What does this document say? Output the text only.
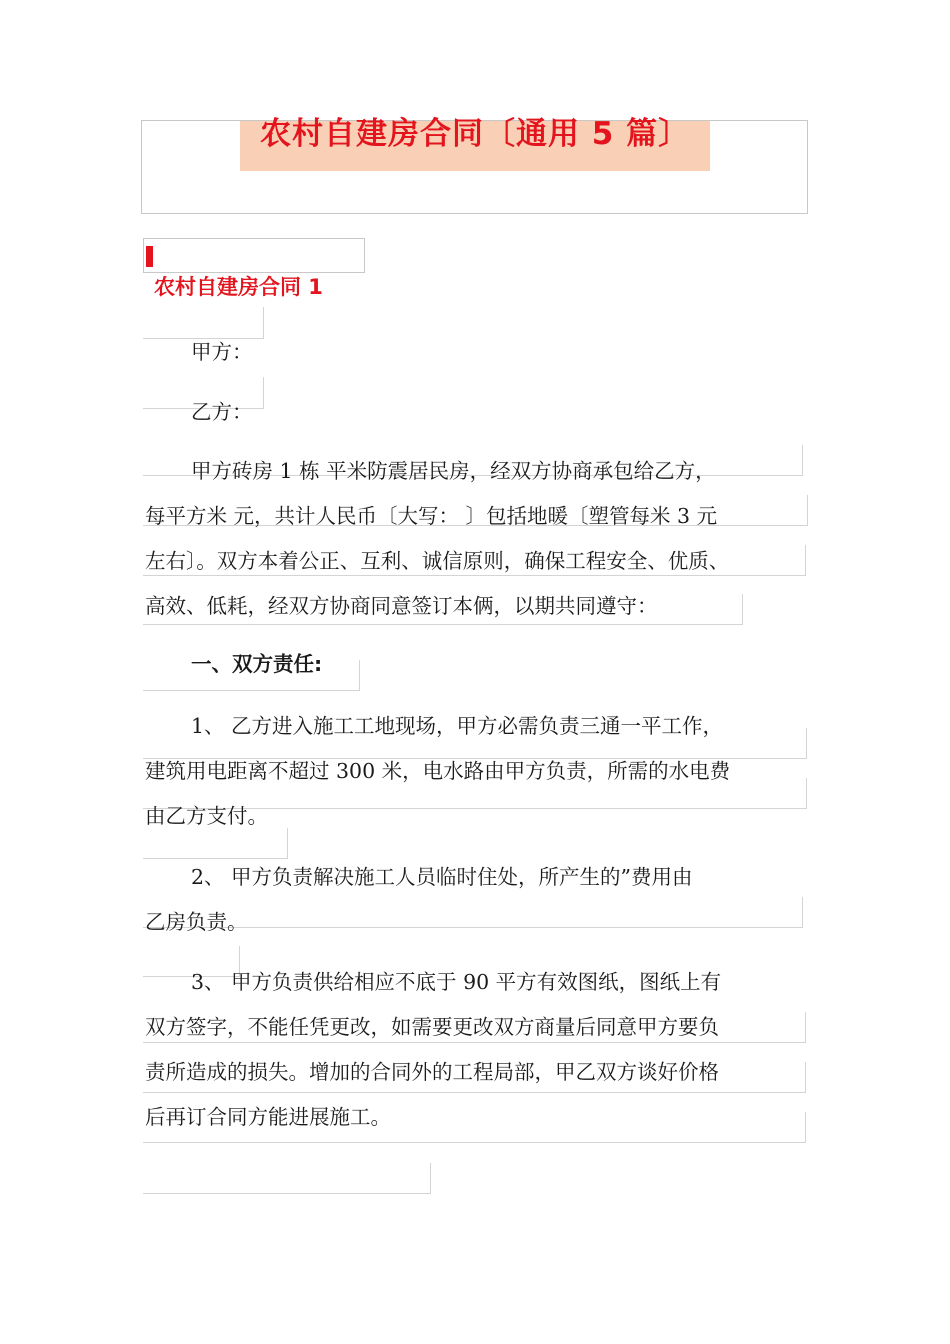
农村自建房合同〔通用 5 篇〕
农村自建房合同 1
甲方：
乙方：
甲方砖房 1 栋 平米防震居民房，经双方协商承包给乙方，
每平方米 元，共计人民币〔大写： 〕包括地暖〔塑管每米 3 元
左右〕。双方本着公正、互利、诚信原则，确保工程安全、优质、
高效、低耗，经双方协商同意签订本俩，以期共同遵守：
一、双方责任:
1、 乙方进入施工工地现场，甲方必需负责三通一平工作，
建筑用电距离不超过 300 米，电水路由甲方负责，所需的水电费
由乙方支付。
2、 甲方负责解决施工人员临时住处，所产生的”费用由
乙房负责。
3、 甲方负责供给相应不底于 90 平方有效图纸，图纸上有
双方签字，不能任凭更改，如需要更改双方商量后同意甲方要负
责所造成的损失。增加的合同外的工程局部，甲乙双方谈好价格
后再订合同方能进展施工。
